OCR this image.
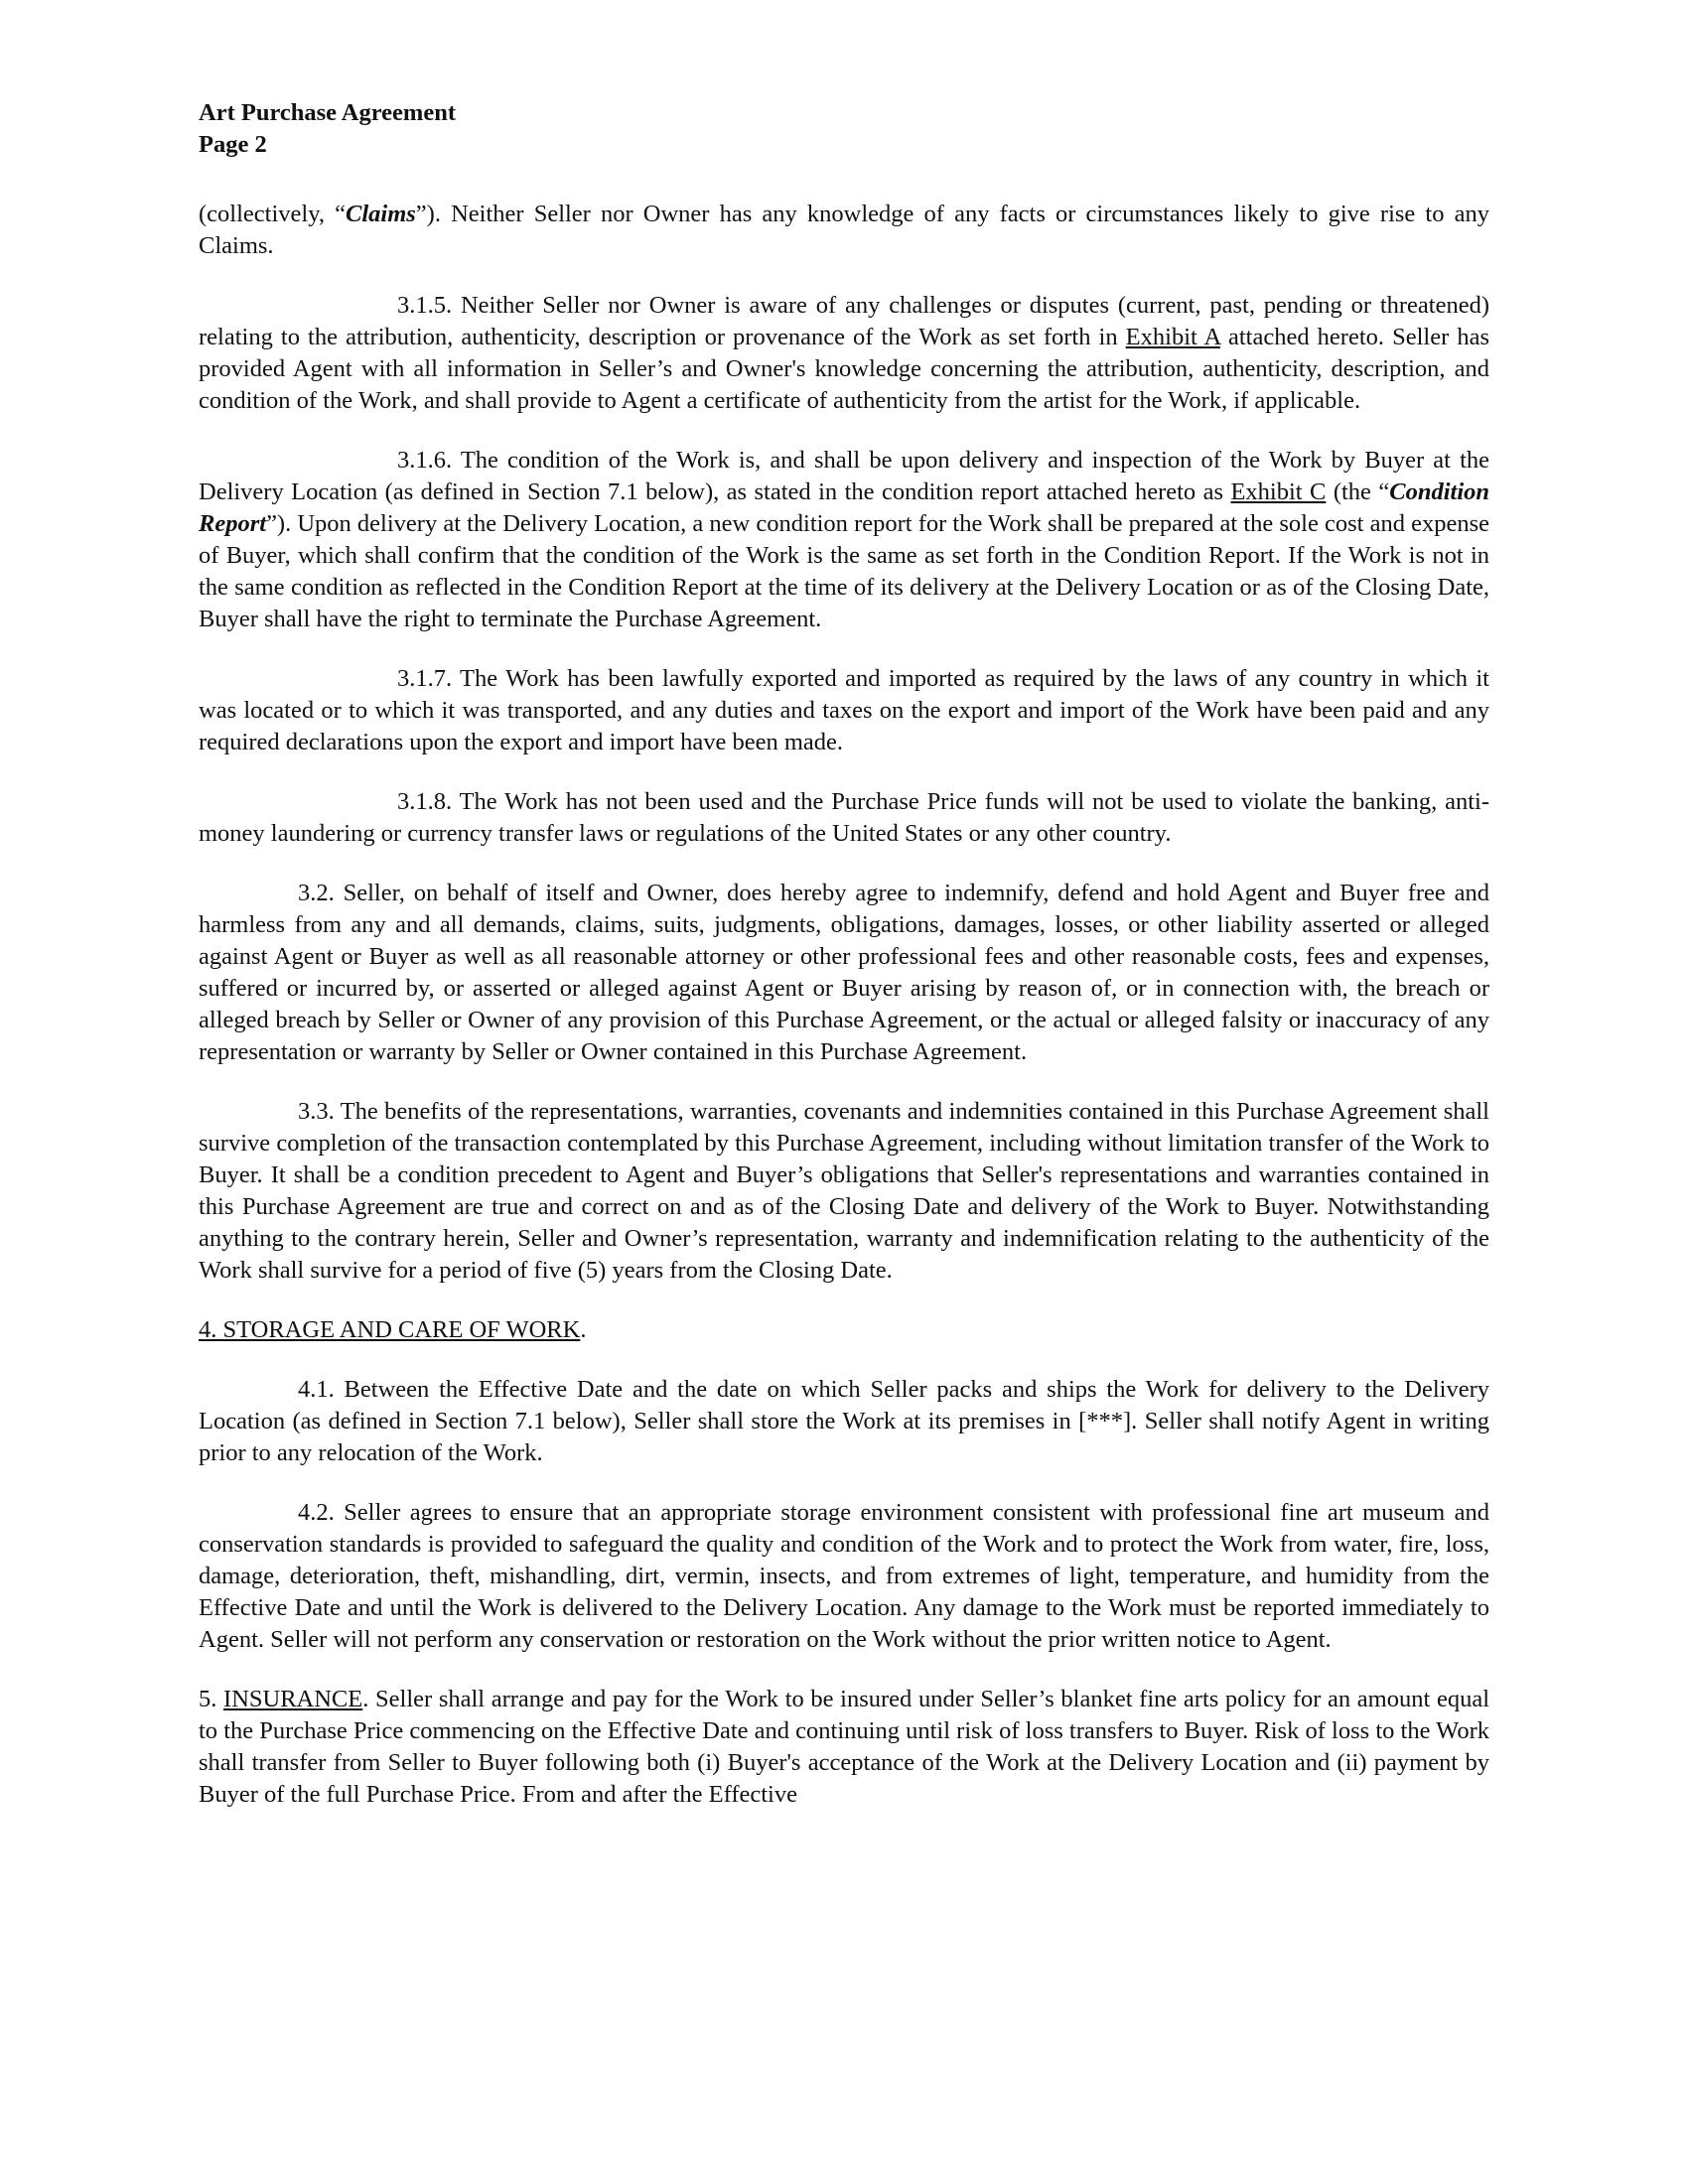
Art Purchase Agreement
Page 2

(collectively, “Claims”). Neither Seller nor Owner has any knowledge of any facts or circumstances likely to give rise to any Claims.

3.1.5. Neither Seller nor Owner is aware of any challenges or disputes (current, past, pending or threatened) relating to the attribution, authenticity, description or provenance of the Work as set forth in Exhibit A attached hereto. Seller has provided Agent with all information in Seller’s and Owner's knowledge concerning the attribution, authenticity, description, and condition of the Work, and shall provide to Agent a certificate of authenticity from the artist for the Work, if applicable.

3.1.6. The condition of the Work is, and shall be upon delivery and inspection of the Work by Buyer at the Delivery Location (as defined in Section 7.1 below), as stated in the condition report attached hereto as Exhibit C (the “Condition Report”). Upon delivery at the Delivery Location, a new condition report for the Work shall be prepared at the sole cost and expense of Buyer, which shall confirm that the condition of the Work is the same as set forth in the Condition Report. If the Work is not in the same condition as reflected in the Condition Report at the time of its delivery at the Delivery Location or as of the Closing Date, Buyer shall have the right to terminate the Purchase Agreement.

3.1.7. The Work has been lawfully exported and imported as required by the laws of any country in which it was located or to which it was transported, and any duties and taxes on the export and import of the Work have been paid and any required declarations upon the export and import have been made.

3.1.8. The Work has not been used and the Purchase Price funds will not be used to violate the banking, anti-money laundering or currency transfer laws or regulations of the United States or any other country.

3.2. Seller, on behalf of itself and Owner, does hereby agree to indemnify, defend and hold Agent and Buyer free and harmless from any and all demands, claims, suits, judgments, obligations, damages, losses, or other liability asserted or alleged against Agent or Buyer as well as all reasonable attorney or other professional fees and other reasonable costs, fees and expenses, suffered or incurred by, or asserted or alleged against Agent or Buyer arising by reason of, or in connection with, the breach or alleged breach by Seller or Owner of any provision of this Purchase Agreement, or the actual or alleged falsity or inaccuracy of any representation or warranty by Seller or Owner contained in this Purchase Agreement.

3.3. The benefits of the representations, warranties, covenants and indemnities contained in this Purchase Agreement shall survive completion of the transaction contemplated by this Purchase Agreement, including without limitation transfer of the Work to Buyer. It shall be a condition precedent to Agent and Buyer’s obligations that Seller's representations and warranties contained in this Purchase Agreement are true and correct on and as of the Closing Date and delivery of the Work to Buyer. Notwithstanding anything to the contrary herein, Seller and Owner’s representation, warranty and indemnification relating to the authenticity of the Work shall survive for a period of five (5) years from the Closing Date.

4. STORAGE AND CARE OF WORK.

4.1. Between the Effective Date and the date on which Seller packs and ships the Work for delivery to the Delivery Location (as defined in Section 7.1 below), Seller shall store the Work at its premises in [***]. Seller shall notify Agent in writing prior to any relocation of the Work.

4.2. Seller agrees to ensure that an appropriate storage environment consistent with professional fine art museum and conservation standards is provided to safeguard the quality and condition of the Work and to protect the Work from water, fire, loss, damage, deterioration, theft, mishandling, dirt, vermin, insects, and from extremes of light, temperature, and humidity from the Effective Date and until the Work is delivered to the Delivery Location. Any damage to the Work must be reported immediately to Agent. Seller will not perform any conservation or restoration on the Work without the prior written notice to Agent.

5. INSURANCE. Seller shall arrange and pay for the Work to be insured under Seller’s blanket fine arts policy for an amount equal to the Purchase Price commencing on the Effective Date and continuing until risk of loss transfers to Buyer. Risk of loss to the Work shall transfer from Seller to Buyer following both (i) Buyer's acceptance of the Work at the Delivery Location and (ii) payment by Buyer of the full Purchase Price. From and after the Effective
